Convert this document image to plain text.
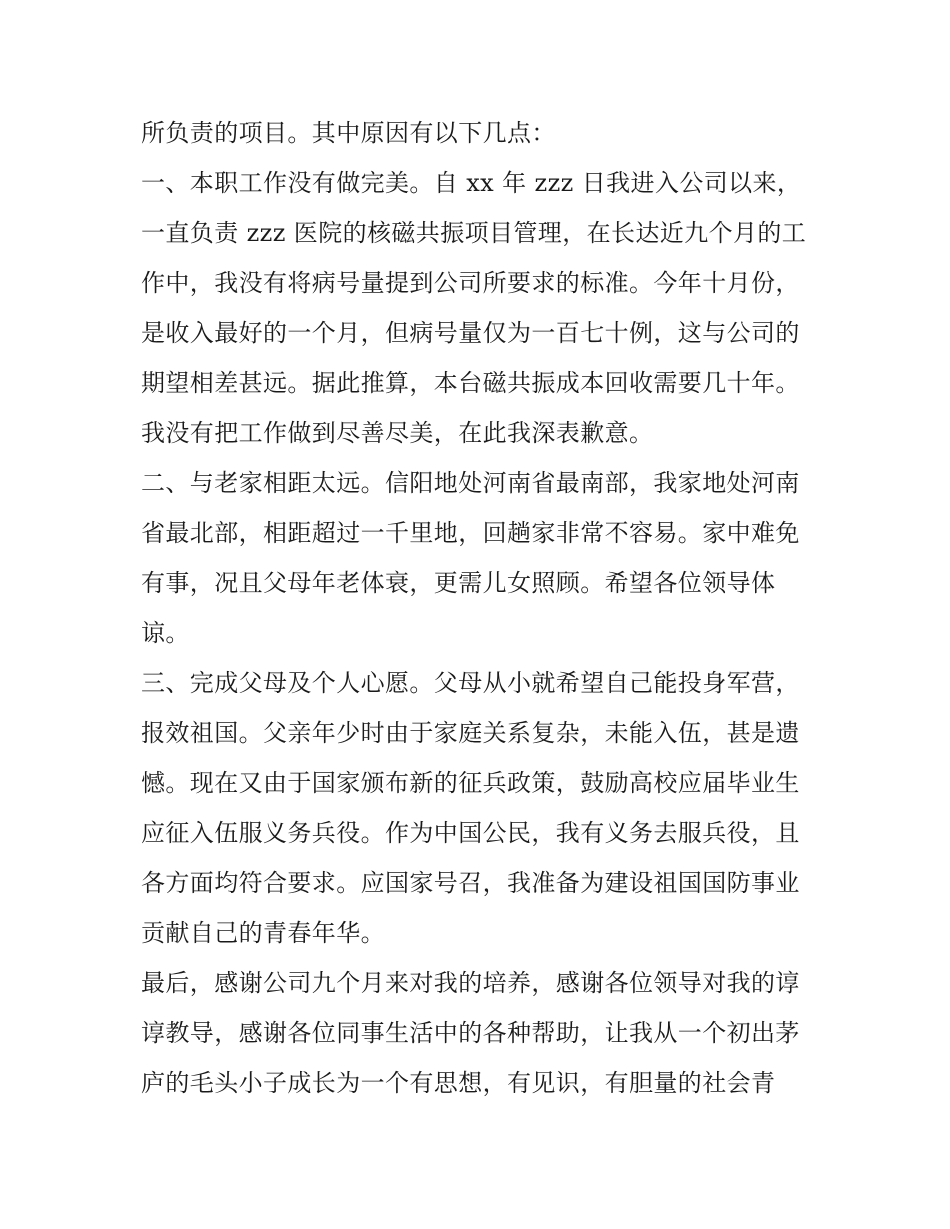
所负责的项目。其中原因有以下几点：
一、本职工作没有做完美。自 xx 年 zzz 日我进入公司以来，
一直负责 zzz 医院的核磁共振项目管理，在长达近九个月的工
作中，我没有将病号量提到公司所要求的标准。今年十月份，
是收入最好的一个月，但病号量仅为一百七十例，这与公司的
期望相差甚远。据此推算，本台磁共振成本回收需要几十年。
我没有把工作做到尽善尽美，在此我深表歉意。
二、与老家相距太远。信阳地处河南省最南部，我家地处河南
省最北部，相距超过一千里地，回趟家非常不容易。家中难免
有事，况且父母年老体衰，更需儿女照顾。希望各位领导体
谅。
三、完成父母及个人心愿。父母从小就希望自己能投身军营，
报效祖国。父亲年少时由于家庭关系复杂，未能入伍，甚是遗
憾。现在又由于国家颁布新的征兵政策，鼓励高校应届毕业生
应征入伍服义务兵役。作为中国公民，我有义务去服兵役，且
各方面均符合要求。应国家号召，我准备为建设祖国国防事业
贡献自己的青春年华。
最后，感谢公司九个月来对我的培养，感谢各位领导对我的谆
谆教导，感谢各位同事生活中的各种帮助，让我从一个初出茅
庐的毛头小子成长为一个有思想，有见识，有胆量的社会青
